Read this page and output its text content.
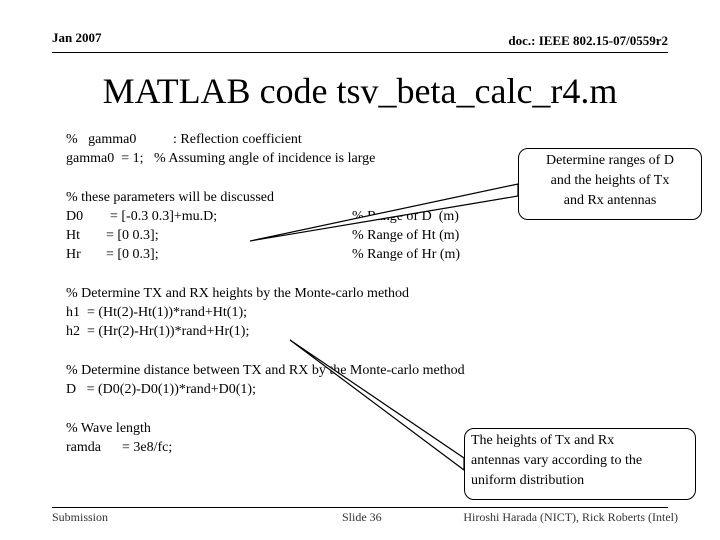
Jan 2007	doc.: IEEE 802.15-07/0559r2
MATLAB code tsv_beta_calc_r4.m
%   gamma0	: Reflection coefficient
gamma0  = 1;   % Assuming angle of incidence is large
% these parameters will be discussed
D0 = [-0.3 0.3]+mu.D;	% Range of D  (m)
Ht = [0 0.3];	% Range of Ht (m)
Hr = [0 0.3];	% Range of Hr (m)
% Determine TX and RX heights by the Monte-carlo method
h1  = (Ht(2)-Ht(1))*rand+Ht(1);
h2  = (Hr(2)-Hr(1))*rand+Hr(1);
% Determine distance between TX and RX by the Monte-carlo method
D   = (D0(2)-D0(1))*rand+D0(1);
% Wave length
ramda      = 3e8/fc;
Determine ranges of D
and the heights of Tx
and Rx antennas
The heights of Tx and Rx
antennas vary according to the
uniform distribution
Submission	Slide 36	Hiroshi Harada (NICT), Rick Roberts (Intel)
